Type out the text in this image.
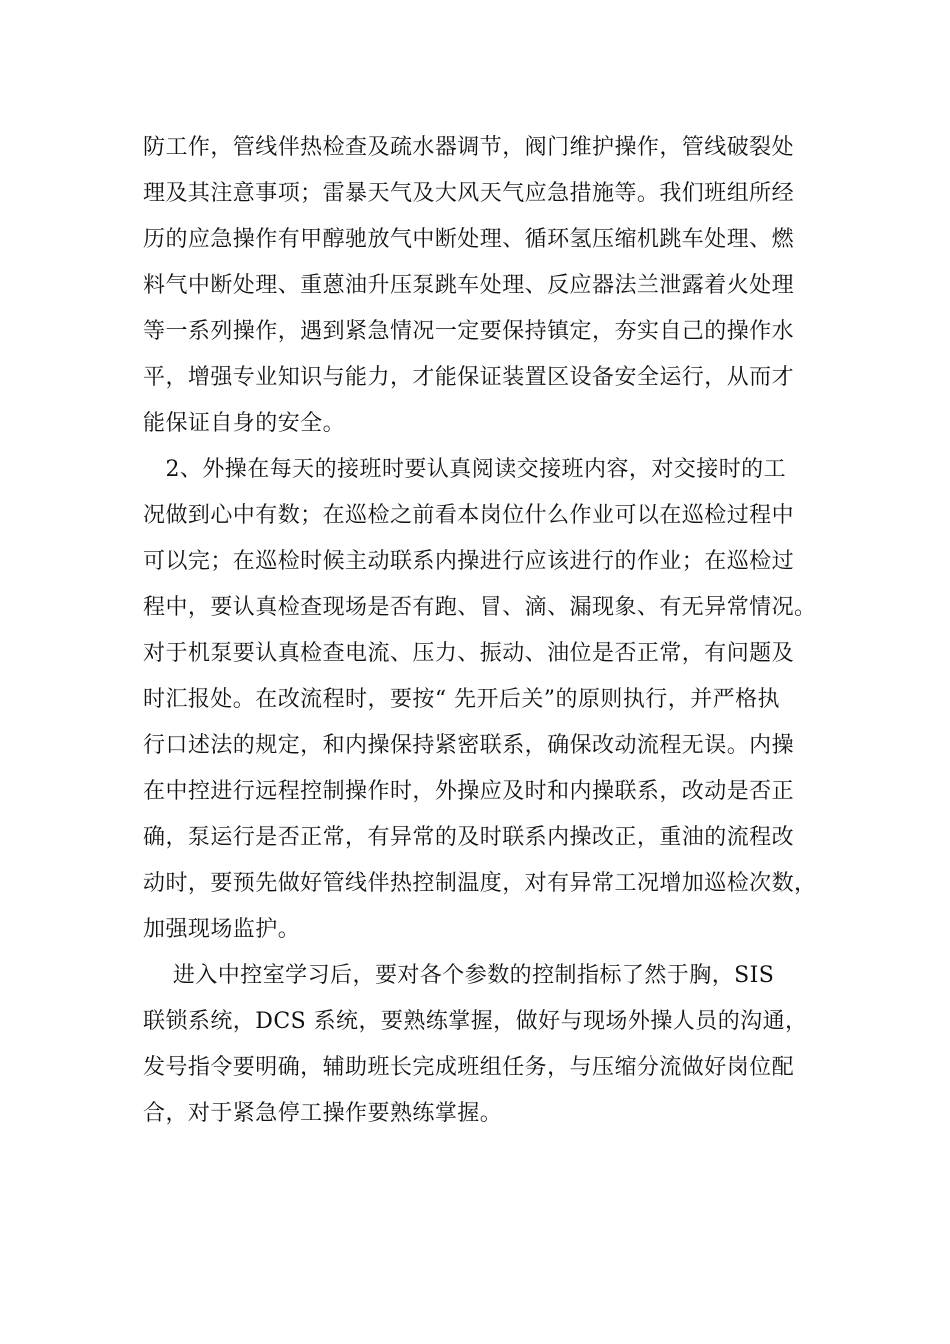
防工作，管线伴热检查及疏水器调节，阀门维护操作，管线破裂处
理及其注意事项；雷暴天气及大风天气应急措施等。我们班组所经
历的应急操作有甲醇驰放气中断处理、循环氢压缩机跳车处理、燃
料气中断处理、重蒽油升压泵跳车处理、反应器法兰泄露着火处理
等一系列操作，遇到紧急情况一定要保持镇定，夯实自己的操作水
平，增强专业知识与能力，才能保证装置区设备安全运行，从而才
能保证自身的安全。
　2、外操在每天的接班时要认真阅读交接班内容，对交接时的工
况做到心中有数；在巡检之前看本岗位什么作业可以在巡检过程中
可以完；在巡检时候主动联系内操进行应该进行的作业；在巡检过
程中，要认真检查现场是否有跑、冒、滴、漏现象、有无异常情况。
对于机泵要认真检查电流、压力、振动、油位是否正常，有问题及
时汇报处。在改流程时，要按“ 先开后关”的原则执行，并严格执
行口述法的规定，和内操保持紧密联系，确保改动流程无误。内操
在中控进行远程控制操作时，外操应及时和内操联系，改动是否正
确，泵运行是否正常，有异常的及时联系内操改正，重油的流程改
动时，要预先做好管线伴热控制温度，对有异常工况增加巡检次数，
加强现场监护。
　 进入中控室学习后，要对各个参数的控制指标了然于胸，SIS
联锁系统，DCS 系统，要熟练掌握，做好与现场外操人员的沟通，
发号指令要明确，辅助班长完成班组任务，与压缩分流做好岗位配
合，对于紧急停工操作要熟练掌握。
